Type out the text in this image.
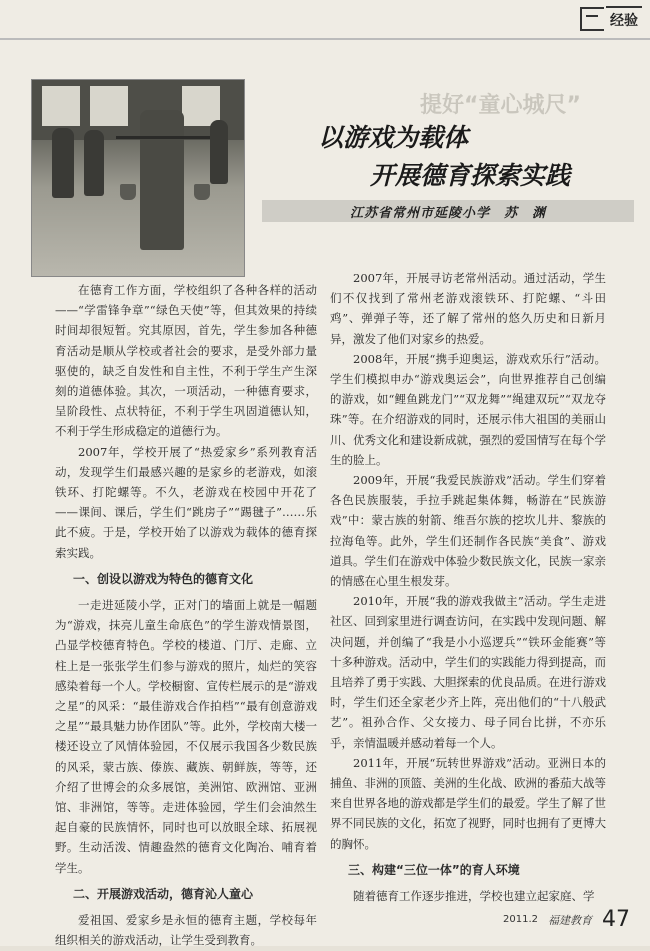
经验
提好“童心城尺”
以游戏为载体
开展德育探索实践
江苏省常州市延陵小学　苏　渊

在德育工作方面，学校组织了各种各样的活动——“学雷锋争章”“绿色天使”等，但其效果的持续时间却很短暂。究其原因，首先，学生参加各种德育活动是顺从学校或者社会的要求，是受外部力量驱使的，缺乏自发性和自主性，不利于学生产生深刻的道德体验。其次，一项活动，一种德育要求，呈阶段性、点状特征，不利于学生巩固道德认知，不利于学生形成稳定的道德行为。

2007年，学校开展了“热爱家乡”系列教育活动，发现学生们最感兴趣的是家乡的老游戏，如滚铁环、打陀螺等。不久，老游戏在校园中开花了——课间、课后，学生们“跳房子”“踢毽子”……乐此不疲。于是，学校开始了以游戏为载体的德育探索实践。

一、创设以游戏为特色的德育文化

一走进延陵小学，正对门的墙面上就是一幅题为“游戏，抹亮儿童生命底色”的学生游戏情景图，凸显学校德育特色。学校的楼道、门厅、走廊、立柱上是一张张学生们参与游戏的照片，灿烂的笑容感染着每一个人。学校橱窗、宣传栏展示的是“游戏之星”的风采：“最佳游戏合作拍档”“最有创意游戏之星”“最具魅力协作团队”等。此外，学校南大楼一楼还设立了风情体验园，不仅展示我国各少数民族的风采，蒙古族、傣族、藏族、朝鲜族，等等，还介绍了世博会的众多展馆，美洲馆、欧洲馆、亚洲馆、非洲馆，等等。走进体验园，学生们会油然生起自豪的民族情怀，同时也可以放眼全球、拓展视野。生动活泼、情趣盎然的德育文化陶冶、哺育着学生。

二、开展游戏活动，德育沁人童心

爱祖国、爱家乡是永恒的德育主题，学校每年组织相关的游戏活动，让学生受到教育。

2007年，开展寻访老常州活动。通过活动，学生们不仅找到了常州老游戏滚铁环、打陀螺、“斗田鸡”、弹弹子等，还了解了常州的悠久历史和日新月异，激发了他们对家乡的热爱。

2008年，开展“携手迎奥运，游戏欢乐行”活动。学生们模拟申办“游戏奥运会”，向世界推荐自己创编的游戏，如“鲤鱼跳龙门”“双龙舞”“绳建双玩”“双龙夺珠”等。在介绍游戏的同时，还展示伟大祖国的美丽山川、优秀文化和建设新成就，强烈的爱国情写在每个学生的脸上。

2009年，开展“我爱民族游戏”活动。学生们穿着各色民族服装，手拉手跳起集体舞，畅游在“民族游戏”中：蒙古族的射箭、维吾尔族的挖坎儿井、黎族的拉海龟等。此外，学生们还制作各民族“美食”、游戏道具。学生们在游戏中体验少数民族文化，民族一家亲的情感在心里生根发芽。

2010年，开展“我的游戏我做主”活动。学生走进社区、回到家里进行调查访问，在实践中发现问题、解决问题，并创编了“我是小小巡逻兵”“铁环金能赛”等十多种游戏。活动中，学生们的实践能力得到提高，而且培养了勇于实践、大胆探索的优良品质。在进行游戏时，学生们还全家老少齐上阵，亮出他们的“十八般武艺”。祖孙合作、父女接力、母子同台比拼，不亦乐乎，亲情温暖并感动着每一个人。

2011年，开展“玩转世界游戏”活动。亚洲日本的捕鱼、非洲的顶篮、美洲的生化战、欧洲的番茄大战等来自世界各地的游戏都是学生们的最爱。学生了解了世界不同民族的文化，拓宽了视野，同时也拥有了更博大的胸怀。

三、构建“三位一体”的育人环境

随着德育工作逐步推进，学校也建立起家庭、学

2011.2 福建教育 47
